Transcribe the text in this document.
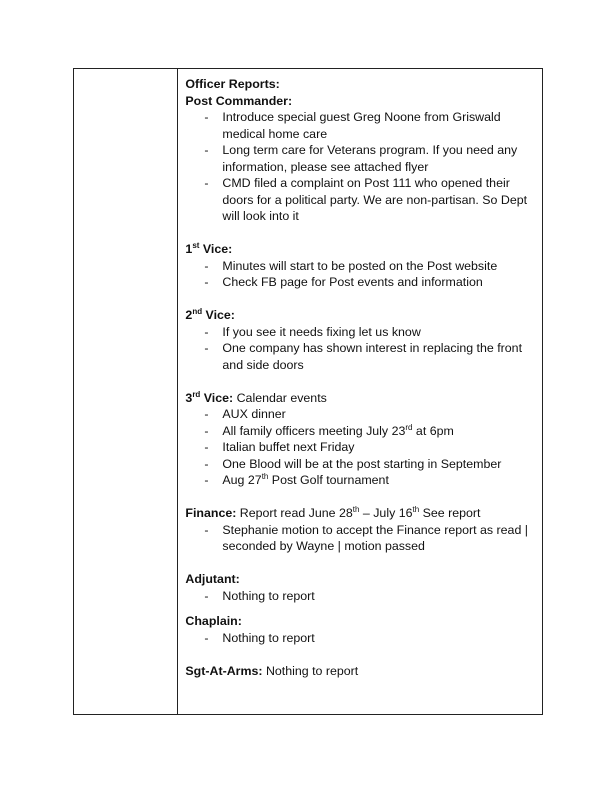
Officer Reports:
Post Commander:
- Introduce special guest Greg Noone from Griswald medical home care
- Long term care for Veterans program. If you need any information, please see attached flyer
- CMD filed a complaint on Post 111 who opened their doors for a political party. We are non-partisan. So Dept will look into it
1st Vice:
- Minutes will start to be posted on the Post website
- Check FB page for Post events and information
2nd Vice:
- If you see it needs fixing let us know
- One company has shown interest in replacing the front and side doors
3rd Vice: Calendar events
- AUX dinner
- All family officers meeting July 23rd at 6pm
- Italian buffet next Friday
- One Blood will be at the post starting in September
- Aug 27th Post Golf tournament
Finance: Report read June 28th – July 16th See report
- Stephanie motion to accept the Finance report as read | seconded by Wayne | motion passed
Adjutant:
- Nothing to report
Chaplain:
- Nothing to report
Sgt-At-Arms: Nothing to report
